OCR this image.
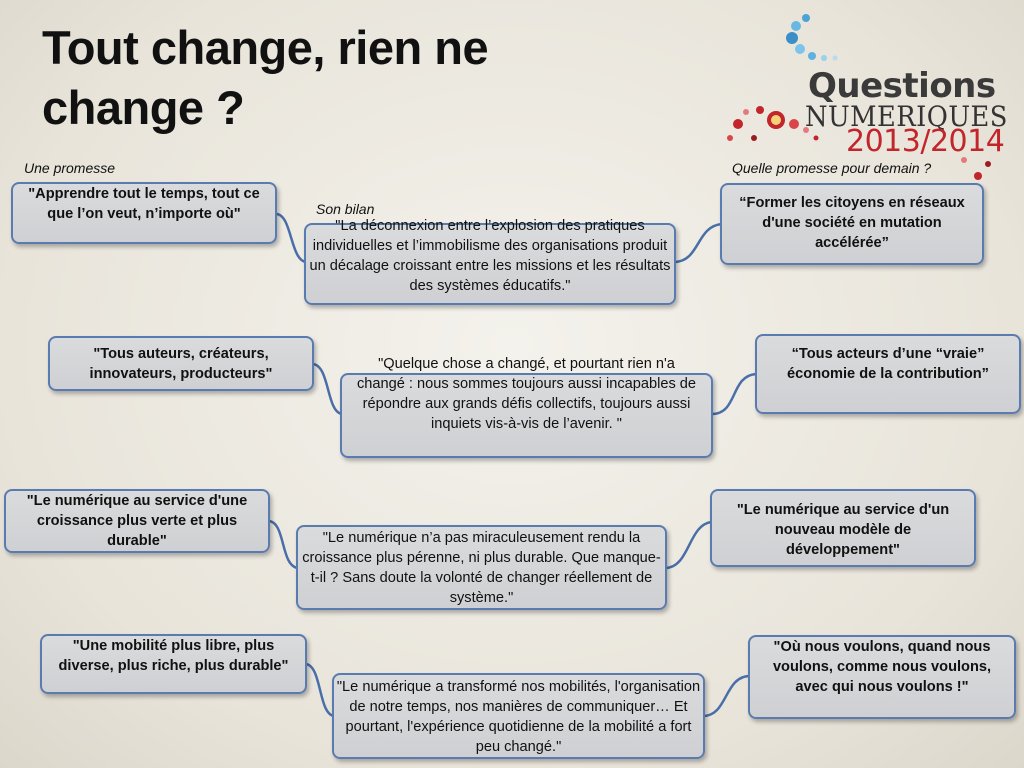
Tout change, rien ne change ?	Questions
NUMERIQUES
2013/2014
Une promesse
Son bilan
Quelle promesse pour demain ?
"Apprendre tout le temps, tout ce que l’on veut, n’importe où"
"La déconnexion entre l’explosion des pratiques individuelles et l’immobilisme des organisations produit un décalage croissant entre les missions et les résultats des systèmes éducatifs."
“Former les citoyens en réseaux d'une société en mutation accélérée”
"Tous auteurs, créateurs, innovateurs, producteurs"
"Quelque chose a changé, et pourtant rien n'a
changé : nous sommes toujours aussi incapables de répondre aux grands défis collectifs, toujours aussi inquiets vis-à-vis de l’avenir. "
“Tous acteurs d’une “vraie” économie de la contribution”
"Le numérique au service d'une croissance plus verte et plus durable"	"Le numérique n’a pas miraculeusement rendu la croissance plus pérenne, ni plus durable. Que manque-t-il ? Sans doute la volonté de changer réellement de système."
"Le numérique au service d'un nouveau modèle de développement"
"Une mobilité plus libre, plus diverse, plus riche, plus durable"
"Le numérique a transformé nos mobilités, l'organisation de notre temps, nos manières de communiquer… Et pourtant, l'expérience quotidienne de la mobilité a fort peu changé."
"Où nous voulons, quand nous voulons, comme nous voulons, avec qui nous voulons !"
